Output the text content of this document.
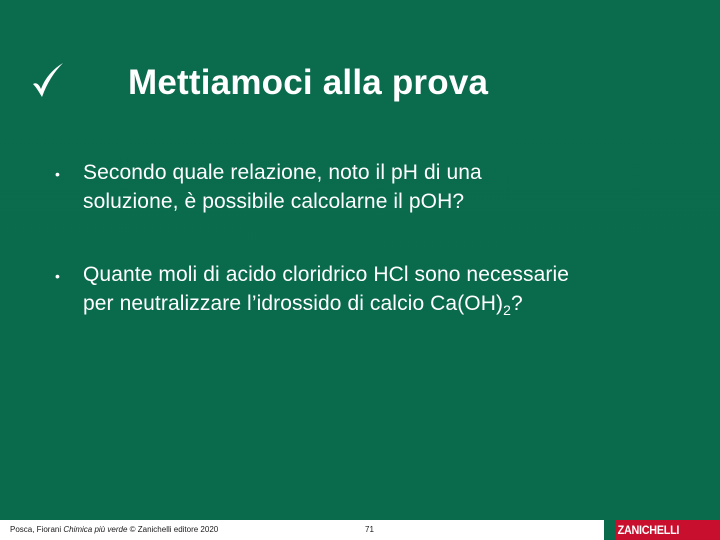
Mettiamoci alla prova
• Secondo quale relazione, noto il pH di una
soluzione, è possibile calcolarne il pOH?
• Quante moli di acido cloridrico HCl sono necessarie
per neutralizzare l’idrossido di calcio $Ca(OH)_2$?
Posca, Fiorani Chimica più verde © Zanichelli editore 2020	71	ZANICHELLI
